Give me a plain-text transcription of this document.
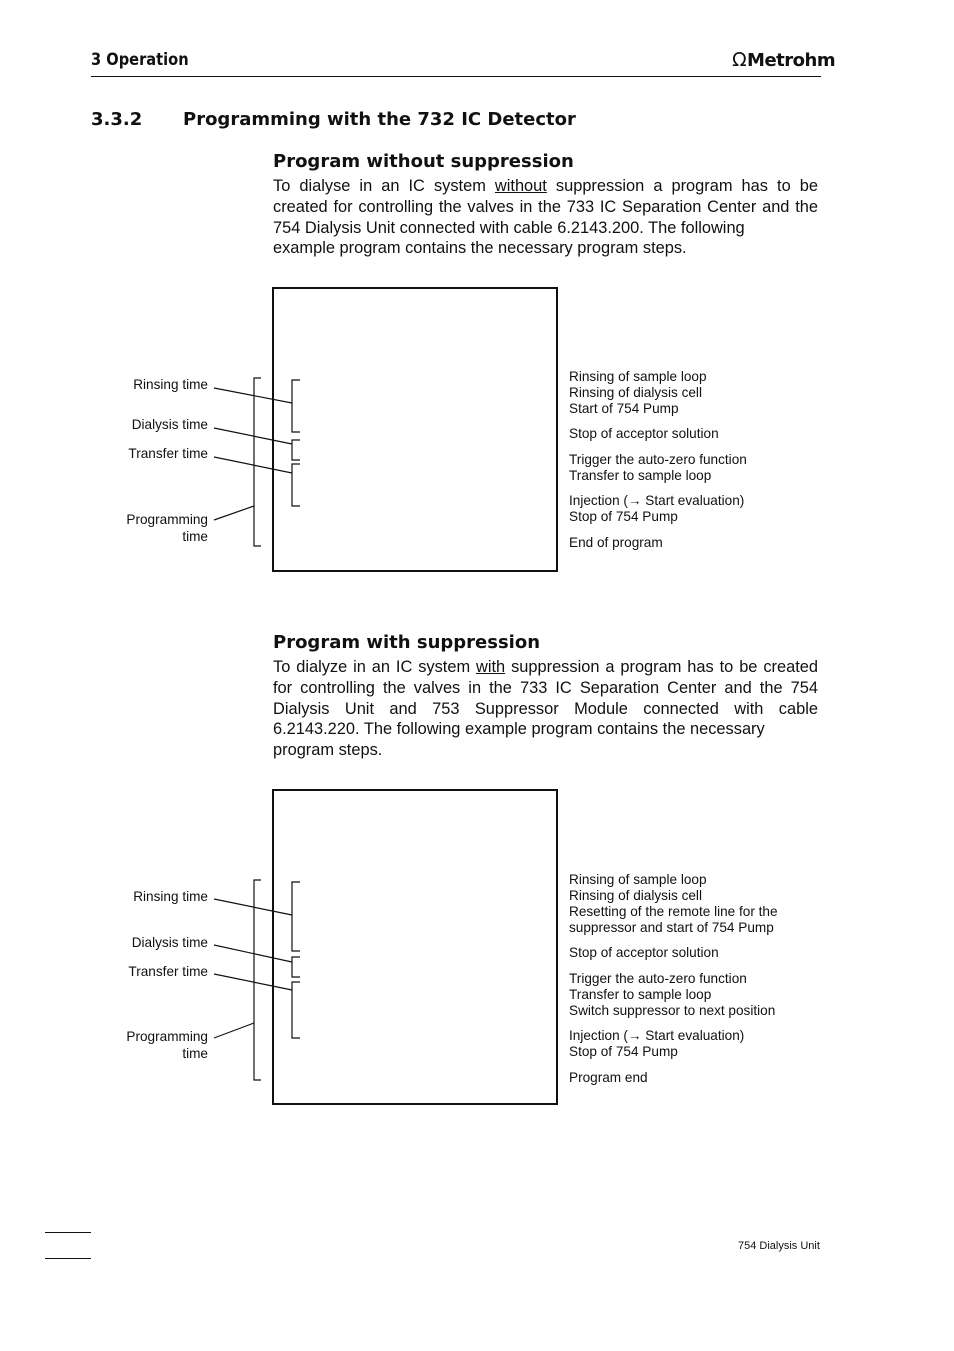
3 Operation	Ω Metrohm
3.3.2 Programming with the 732 IC Detector
Program without suppression
To dialyse in an IC system without suppression a program has to be created for controlling the valves in the 733 IC Separation Center and the 754 Dialysis Unit connected with cable 6.2143.200. The following
example program contains the necessary program steps.
Rinsing time
Dialysis time
Transfer time
Programming
time
Rinsing of sample loop
Rinsing of dialysis cell
Start of 754 Pump
Stop of acceptor solution
Trigger the auto-zero function
Transfer to sample loop
Injection (→ Start evaluation)
Stop of 754 Pump
End of program
Program with suppression
To dialyze in an IC system with suppression a program has to be created for controlling the valves in the 733 IC Separation Center and the 754 Dialysis Unit and 753 Suppressor Module connected with cable 6.2143.220. The following example program contains the necessary
program steps.
Rinsing time
Dialysis time
Transfer time
Programming
time
Rinsing of sample loop
Rinsing of dialysis cell
Resetting of the remote line for the
suppressor and start of 754 Pump
Stop of acceptor solution
Trigger the auto-zero function
Transfer to sample loop
Switch suppressor to next position
Injection (→ Start evaluation)
Stop of 754 Pump
Program end
754 Dialysis Unit
